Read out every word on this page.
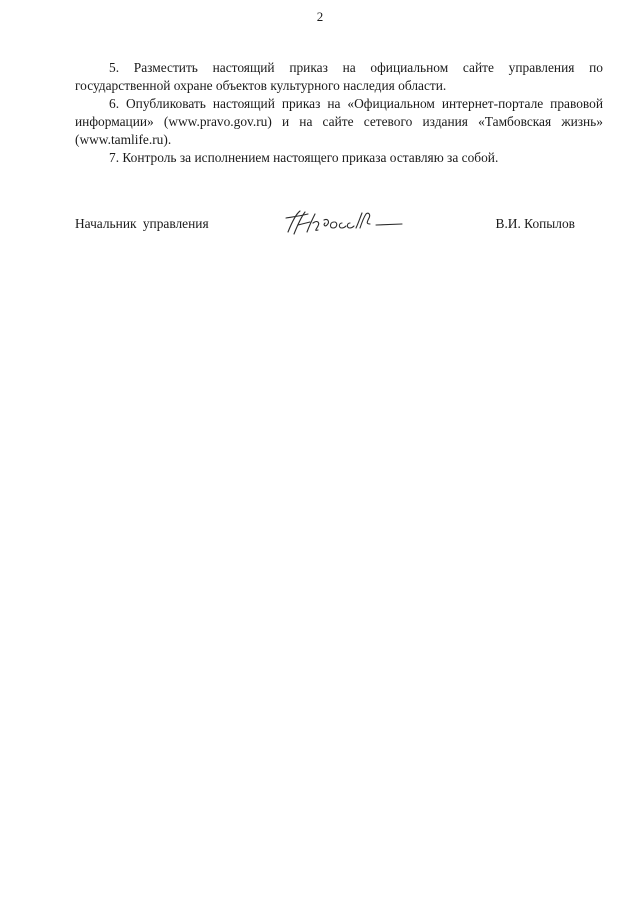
2

5. Разместить настоящий приказ на официальном сайте управления по государственной охране объектов культурного наследия области.

6. Опубликовать настоящий приказ на «Официальном интернет-портале правовой информации» (www.pravo.gov.ru) и на сайте сетевого издания «Тамбовская жизнь» (www.tamlife.ru).

7. Контроль за исполнением настоящего приказа оставляю за собой.

Начальник управления	В.И. Копылов
